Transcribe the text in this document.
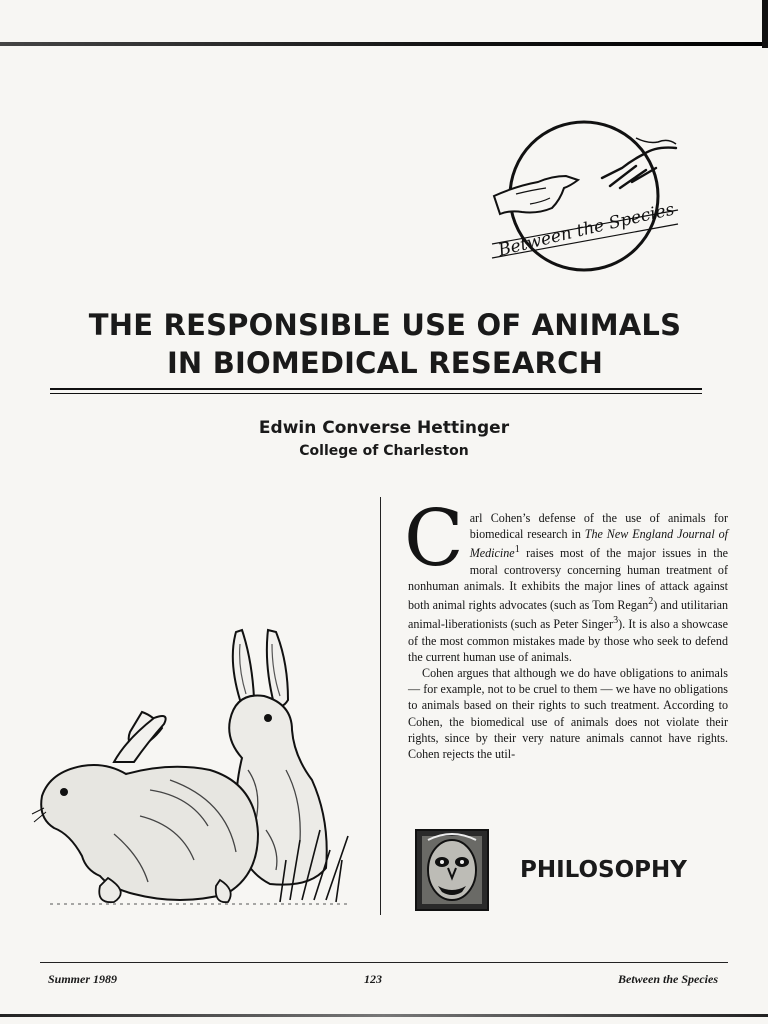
Between the Species
THE RESPONSIBLE USE OF ANIMALS
IN BIOMEDICAL RESEARCH
Edwin Converse Hettinger
College of Charleston

Carl Cohen’s defense of the use of animals for biomedical research in The New England Journal of Medicine$^1$ raises most of the major issues in the moral controversy concerning human treatment of nonhuman animals. It exhibits the major lines of attack against both animal rights advocates (such as Tom Regan$^2$) and utilitarian animal-liberationists (such as Peter Singer$^3$). It is also a showcase of the most common mistakes made by those who seek to defend the current human use of animals.

Cohen argues that although we do have obligations to animals — for example, not to be cruel to them — we have no obligations to animals based on their rights to such treatment. According to Cohen, the biomedical use of animals does not violate their rights, since by their very nature animals cannot have rights. Cohen rejects the util-

PHILOSOPHY
Summer 1989	123	Between the Species
